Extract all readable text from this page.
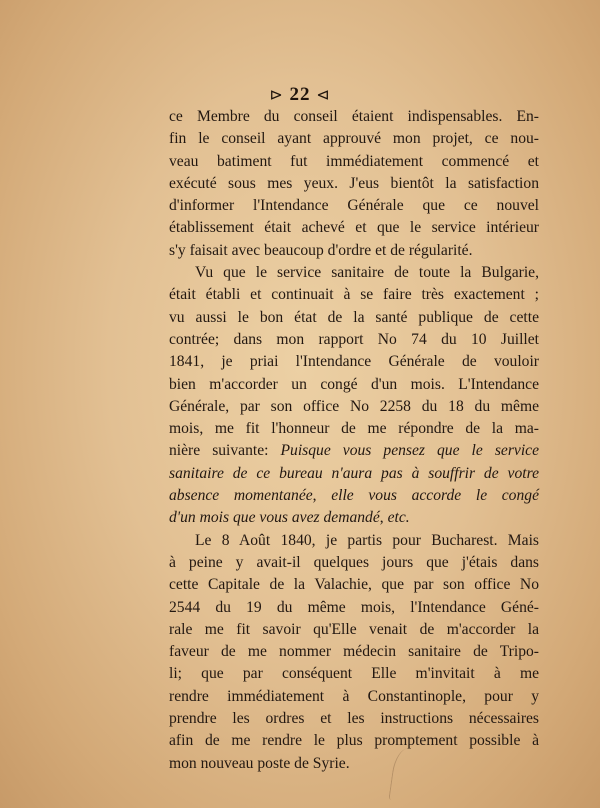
⊳ 22 ⊲
ce Membre du conseil étaient indispensables. En-
fin le conseil ayant approuvé mon projet, ce nou-
veau batiment fut immédiatement commencé et
exécuté sous mes yeux. J'eus bientôt la satisfaction
d'informer l'Intendance Générale que ce nouvel
établissement était achevé et que le service intérieur
s'y faisait avec beaucoup d'ordre et de régularité.
Vu que le service sanitaire de toute la Bulgarie,
était établi et continuait à se faire très exactement ;
vu aussi le bon état de la santé publique de cette
contrée; dans mon rapport No 74 du 10 Juillet
1841, je priai l'Intendance Générale de vouloir
bien m'accorder un congé d'un mois. L'Intendance
Générale, par son office No 2258 du 18 du même
mois, me fit l'honneur de me répondre de la ma-
nière suivante: Puisque vous pensez que le service
sanitaire de ce bureau n'aura pas à souffrir de votre
absence momentanée, elle vous accorde le congé
d'un mois que vous avez demandé, etc.
Le 8 Août 1840, je partis pour Bucharest. Mais
à peine y avait-il quelques jours que j'étais dans
cette Capitale de la Valachie, que par son office No
2544 du 19 du même mois, l'Intendance Géné-
rale me fit savoir qu'Elle venait de m'accorder la
faveur de me nommer médecin sanitaire de Tripo-
li; que par conséquent Elle m'invitait à me
rendre immédiatement à Constantinople, pour y
prendre les ordres et les instructions nécessaires
afin de me rendre le plus promptement possible à
mon nouveau poste de Syrie.
